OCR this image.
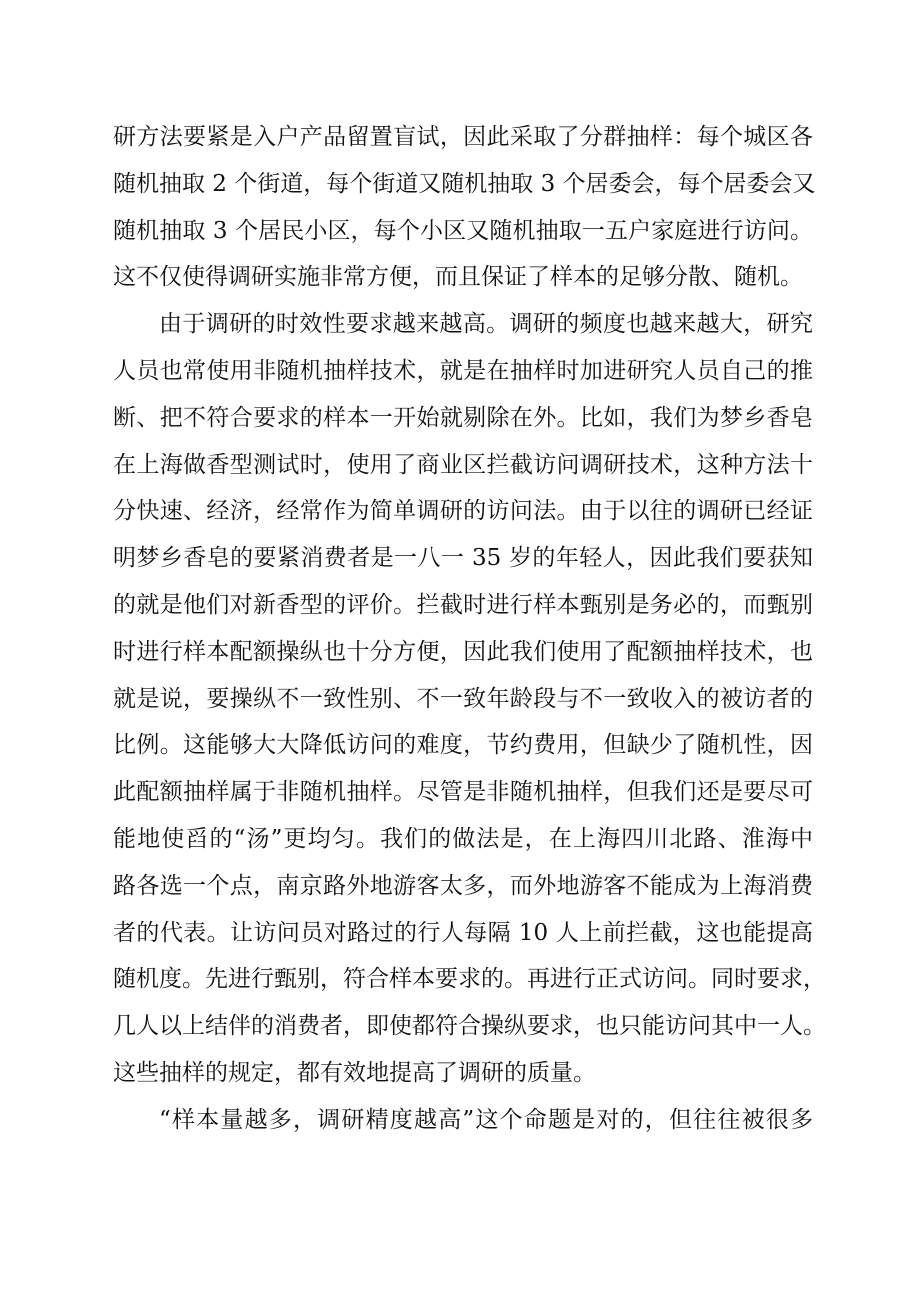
研方法要紧是入户产品留置盲试，因此采取了分群抽样：每个城区各
随机抽取 2 个街道，每个街道又随机抽取 3 个居委会，每个居委会又
随机抽取 3 个居民小区，每个小区又随机抽取一五户家庭进行访问。
这不仅使得调研实施非常方便，而且保证了样本的足够分散、随机。
由于调研的时效性要求越来越高。调研的频度也越来越大，研究
人员也常使用非随机抽样技术，就是在抽样时加进研究人员自己的推
断、把不符合要求的样本一开始就剔除在外。比如，我们为梦乡香皂
在上海做香型测试时，使用了商业区拦截访问调研技术，这种方法十
分快速、经济，经常作为简单调研的访问法。由于以往的调研已经证
明梦乡香皂的要紧消费者是一八一 35 岁的年轻人，因此我们要获知
的就是他们对新香型的评价。拦截时进行样本甄别是务必的，而甄别
时进行样本配额操纵也十分方便，因此我们使用了配额抽样技术，也
就是说，要操纵不一致性别、不一致年龄段与不一致收入的被访者的
比例。这能够大大降低访问的难度，节约费用，但缺少了随机性，因
此配额抽样属于非随机抽样。尽管是非随机抽样，但我们还是要尽可
能地使舀的“汤”更均匀。我们的做法是，在上海四川北路、淮海中
路各选一个点，南京路外地游客太多，而外地游客不能成为上海消费
者的代表。让访问员对路过的行人每隔 10 人上前拦截，这也能提高
随机度。先进行甄别，符合样本要求的。再进行正式访问。同时要求，
几人以上结伴的消费者，即使都符合操纵要求，也只能访问其中一人。
这些抽样的规定，都有效地提高了调研的质量。
“样本量越多，调研精度越高”这个命题是对的，但往往被很多
